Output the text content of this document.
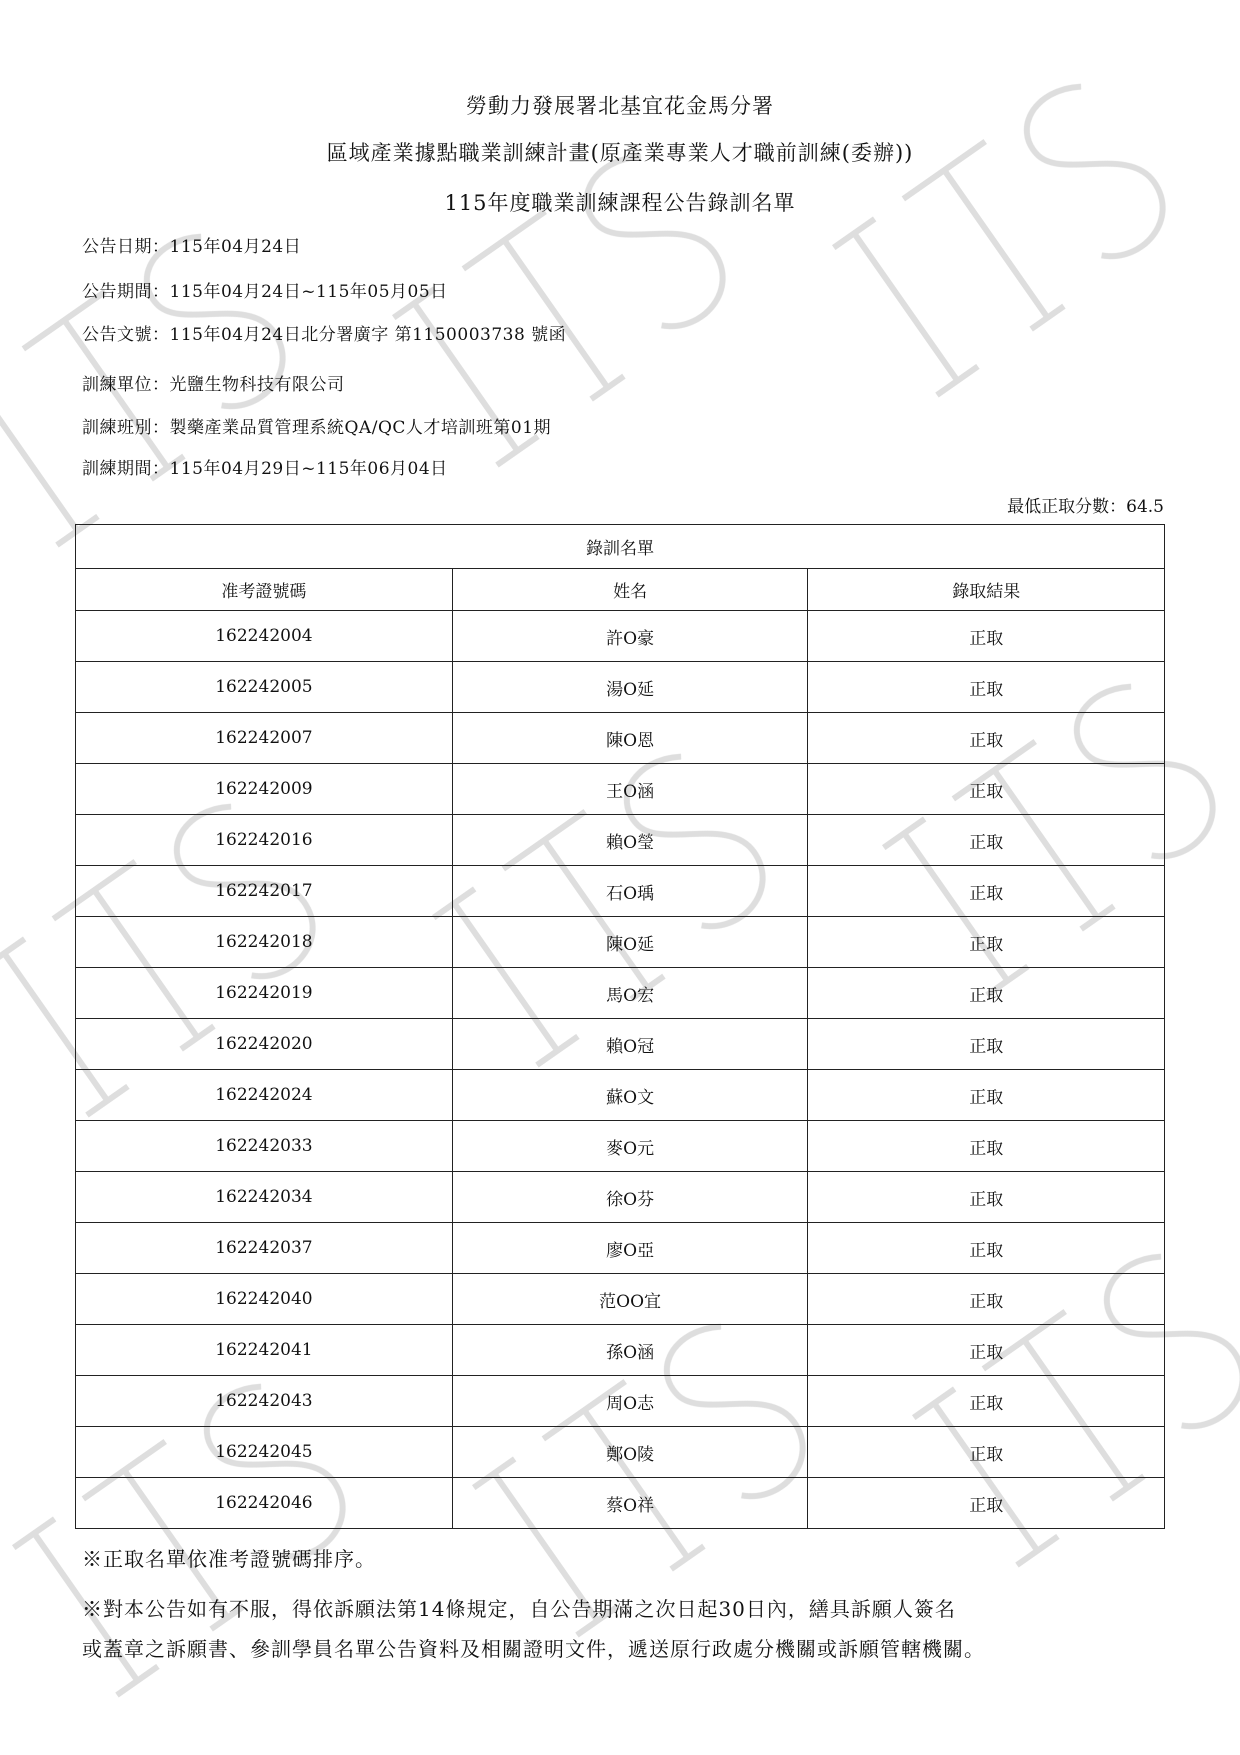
勞動力發展署北基宜花金馬分署
區域產業據點職業訓練計畫(原產業專業人才職前訓練(委辦))
115年度職業訓練課程公告錄訓名單
公告日期：115年04月24日
公告期間：115年04月24日~115年05月05日
公告文號：115年04月24日北分署廣字 第1150003738 號函
訓練單位：光鹽生物科技有限公司
訓練班別：製藥產業品質管理系統QA/QC人才培訓班第01期
訓練期間：115年04月29日~115年06月04日
最低正取分數：64.5
錄訓名單		
准考證號碼	姓名	錄取結果
162242004	許O豪	正取
162242005	湯O延	正取
162242007	陳O恩	正取
162242009	王O涵	正取
162242016	賴O瑩	正取
162242017	石O瑀	正取
162242018	陳O延	正取
162242019	馬O宏	正取
162242020	賴O冠	正取
162242024	蘇O文	正取
162242033	麥O元	正取
162242034	徐O芬	正取
162242037	廖O亞	正取
162242040	范OO宜	正取
162242041	孫O涵	正取
162242043	周O志	正取
162242045	鄭O陵	正取
162242046	蔡O祥	正取
※正取名單依准考證號碼排序。
※對本公告如有不服，得依訴願法第14條規定，自公告期滿之次日起30日內，繕具訴願人簽名
或蓋章之訴願書、參訓學員名單公告資料及相關證明文件，遞送原行政處分機關或訴願管轄機關。
